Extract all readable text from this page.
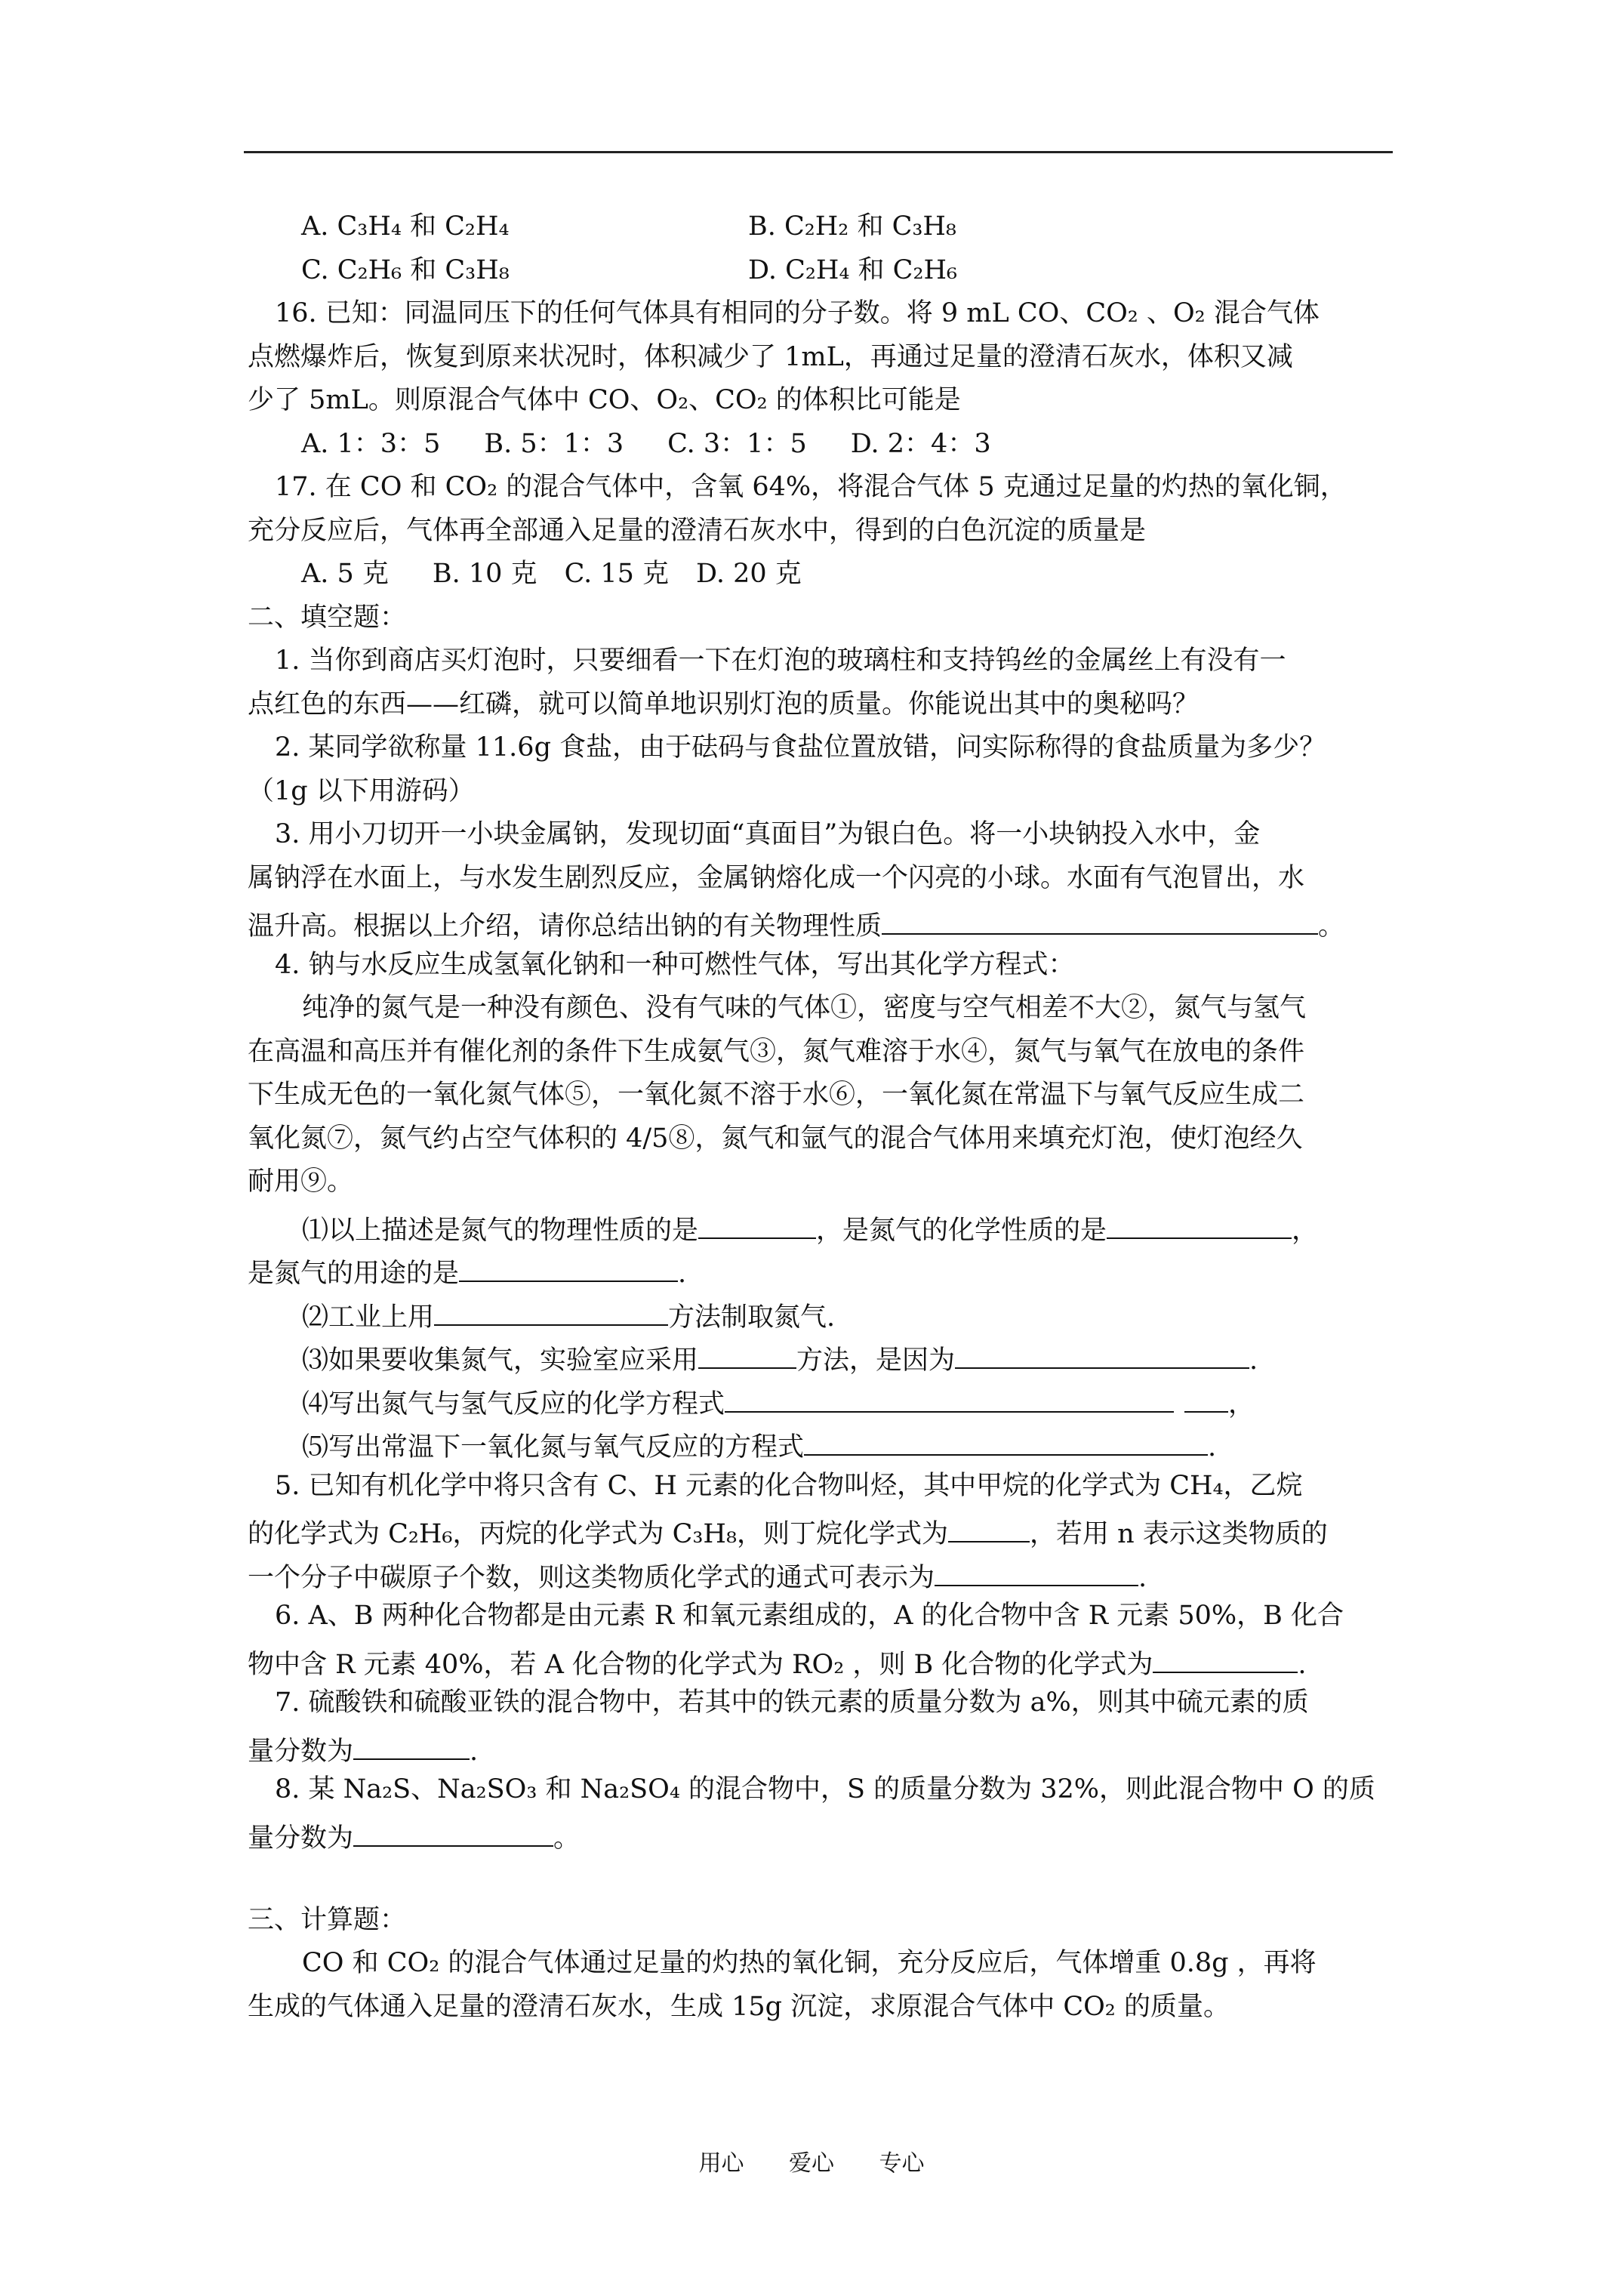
A. C₃H₄ 和 C₂H₄	B. C₂H₂ 和 C₃H₈
C. C₂H₆ 和 C₃H₈	D. C₂H₄ 和 C₂H₆
16. 已知：同温同压下的任何气体具有相同的分子数。将 9 mL CO、CO₂ 、O₂ 混合气体
点燃爆炸后，恢复到原来状况时，体积减少了 1mL，再通过足量的澄清石灰水，体积又减
少了 5mL。则原混合气体中 CO、O₂、CO₂ 的体积比可能是
A. 1：3：5 B. 5：1：3 C. 3：1：5 D. 2：4：3
17. 在 CO 和 CO₂ 的混合气体中，含氧 64%，将混合气体 5 克通过足量的灼热的氧化铜，
充分反应后，气体再全部通入足量的澄清石灰水中，得到的白色沉淀的质量是
A. 5 克 B. 10 克 C. 15 克 D. 20 克
二、填空题：
1. 当你到商店买灯泡时，只要细看一下在灯泡的玻璃柱和支持钨丝的金属丝上有没有一
点红色的东西——红磷，就可以简单地识别灯泡的质量。你能说出其中的奥秘吗？
2. 某同学欲称量 11.6g 食盐，由于砝码与食盐位置放错，问实际称得的食盐质量为多少？
（1g 以下用游码）
3. 用小刀切开一小块金属钠，发现切面“真面目”为银白色。将一小块钠投入水中，金
属钠浮在水面上，与水发生剧烈反应，金属钠熔化成一个闪亮的小球。水面有气泡冒出，水
温升高。根据以上介绍，请你总结出钠的有关物理性质	。
4. 钠与水反应生成氢氧化钠和一种可燃性气体，写出其化学方程式：
纯净的氮气是一种没有颜色、没有气味的气体①，密度与空气相差不大②，氮气与氢气
在高温和高压并有催化剂的条件下生成氨气③，氮气难溶于水④，氮气与氧气在放电的条件
下生成无色的一氧化氮气体⑤，一氧化氮不溶于水⑥，一氧化氮在常温下与氧气反应生成二
氧化氮⑦，氮气约占空气体积的 4/5⑧，氮气和氩气的混合气体用来填充灯泡，使灯泡经久
耐用⑨。
⑴以上描述是氮气的物理性质的是	，是氮气的化学性质的是	，
是氮气的用途的是	.
⑵工业上用	方法制取氮气.
⑶如果要收集氮气，实验室应采用	方法，是因为	.
⑷写出氮气与氢气反应的化学方程式	，
⑸写出常温下一氧化氮与氧气反应的方程式	.
5. 已知有机化学中将只含有 C、H 元素的化合物叫烃，其中甲烷的化学式为 CH₄，乙烷
的化学式为 C₂H₆，丙烷的化学式为 C₃H₈，则丁烷化学式为	，若用 n 表示这类物质的
一个分子中碳原子个数，则这类物质化学式的通式可表示为	.
6. A、B 两种化合物都是由元素 R 和氧元素组成的，A 的化合物中含 R 元素 50%，B 化合
物中含 R 元素 40%，若 A 化合物的化学式为 RO₂ ，则 B 化合物的化学式为	.
7. 硫酸铁和硫酸亚铁的混合物中，若其中的铁元素的质量分数为 a%，则其中硫元素的质
量分数为	.
8. 某 Na₂S、Na₂SO₃ 和 Na₂SO₄ 的混合物中，S 的质量分数为 32%，则此混合物中 O 的质
量分数为	。
三、计算题：
CO 和 CO₂ 的混合气体通过足量的灼热的氧化铜，充分反应后，气体增重 0.8g ，再将
生成的气体通入足量的澄清石灰水，生成 15g 沉淀，求原混合气体中 CO₂ 的质量。
用心 爱心 专心
